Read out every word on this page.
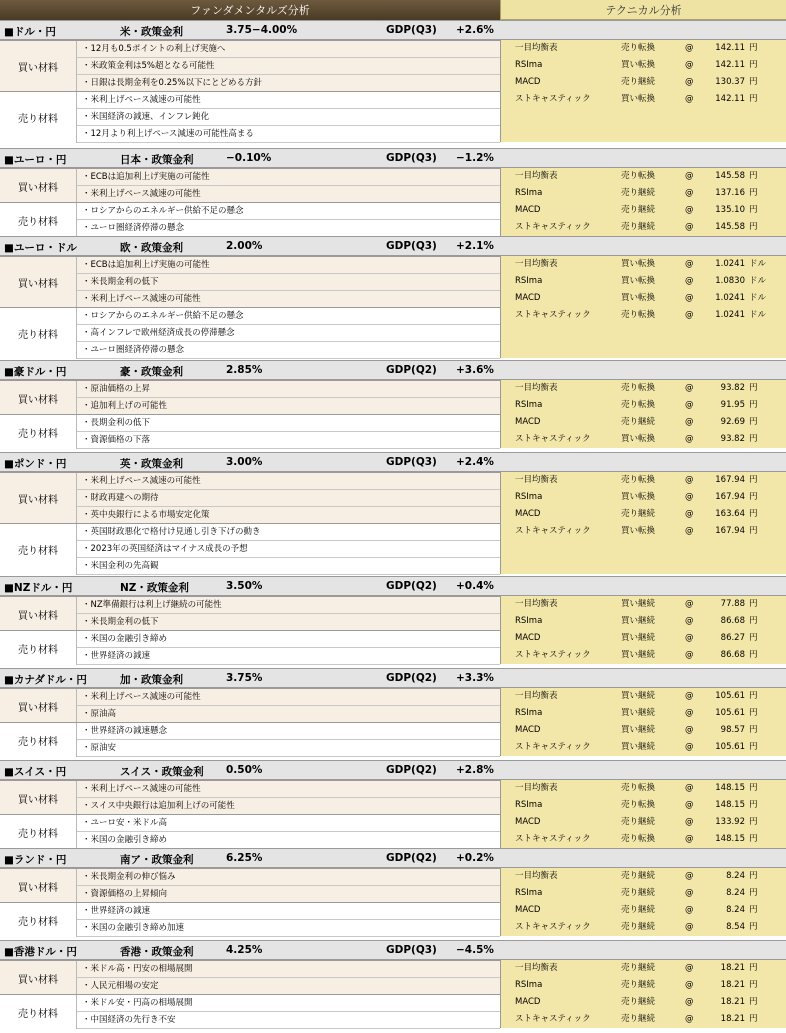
ファンダメンタルズ分析	テクニカル分析
■ドル・円	米・政策金利	3.75−4.00%	GDP(Q3) +2.6%
買い材料
・12月も0.5ポイントの利上げ実施へ
・米政策金利は5%超となる可能性
・日銀は長期金利を0.25%以下にとどめる方針
売り材料
・米利上げペース減速の可能性
・米国経済の減速、インフレ鈍化
・12月より利上げペース減速の可能性高まる
一目均衡表	売り転換	@	142.11 円
RSIma	買い転換	@	142.11 円
MACD	売り継続	@	130.37 円
ストキャスティック	買い転換	@	142.11 円
■ユーロ・円	日本・政策金利	−0.10%	GDP(Q3) −1.2%
買い材料
・ECBは追加利上げ実施の可能性
・米利上げペース減速の可能性
売り材料
・ロシアからのエネルギー供給不足の懸念
・ユーロ圏経済停滞の懸念
一目均衡表	売り転換	@	145.58 円
RSIma	売り継続	@	137.16 円
MACD	売り継続	@	135.10 円
ストキャスティック	売り継続	@	145.58 円
■ユーロ・ドル	欧・政策金利	2.00%	GDP(Q3) +2.1%
買い材料
・ECBは追加利上げ実施の可能性
・米長期金利の低下
・米利上げペース減速の可能性
売り材料
・ロシアからのエネルギー供給不足の懸念
・高インフレで欧州経済成長の停滞懸念
・ユーロ圏経済停滞の懸念
一目均衡表	買い転換	@	1.0241 ドル
RSIma	買い転換	@	1.0830 ドル
MACD	買い転換	@	1.0241 ドル
ストキャスティック	売り転換	@	1.0241 ドル
■豪ドル・円	豪・政策金利	2.85%	GDP(Q2) +3.6%
買い材料
・原油価格の上昇
・追加利上げの可能性
売り材料
・長期金利の低下
・資源価格の下落
一目均衡表	売り転換	@	93.82 円
RSIma	売り転換	@	91.95 円
MACD	売り継続	@	92.69 円
ストキャスティック	買い転換	@	93.82 円
■ポンド・円	英・政策金利	3.00%	GDP(Q3) +2.4%
買い材料
・米利上げペース減速の可能性
・財政再建への期待
・英中央銀行による市場安定化策
売り材料
・英国財政悪化で格付け見通し引き下げの動き
・2023年の英国経済はマイナス成長の予想
・米国金利の先高観
一目均衡表	売り転換	@	167.94 円
RSIma	買い転換	@	167.94 円
MACD	売り継続	@	163.64 円
ストキャスティック	買い転換	@	167.94 円
■NZドル・円	NZ・政策金利	3.50%	GDP(Q2) +0.4%
買い材料
・NZ準備銀行は利上げ継続の可能性
・米長期金利の低下
売り材料
・米国の金融引き締め
・世界経済の減速
一目均衡表	買い継続	@	77.88 円
RSIma	買い継続	@	86.68 円
MACD	買い継続	@	86.27 円
ストキャスティック	買い継続	@	86.68 円
■カナダドル・円	加・政策金利	3.75%	GDP(Q2) +3.3%
買い材料
・米利上げペース減速の可能性
・原油高
売り材料
・世界経済の減速懸念
・原油安
一目均衡表	買い継続	@	105.61 円
RSIma	買い継続	@	105.61 円
MACD	買い継続	@	98.57 円
ストキャスティック	買い継続	@	105.61 円
■スイス・円	スイス・政策金利 0.50%	GDP(Q2) +2.8%
買い材料
・米利上げペース減速の可能性
・スイス中央銀行は追加利上げの可能性
売り材料
・ユーロ安・米ドル高
・米国の金融引き締め
一目均衡表	売り転換	@	148.15 円
RSIma	売り転換	@	148.15 円
MACD	売り継続	@	133.92 円
ストキャスティック	売り転換	@	148.15 円
■ランド・円	南ア・政策金利	6.25%	GDP(Q2) +0.2%
買い材料
・米長期金利の伸び悩み
・資源価格の上昇傾向
売り材料
・世界経済の減速
・米国の金融引き締め加速
一目均衡表	売り継続	@	8.24 円
RSIma	売り継続	@	8.24 円
MACD	売り継続	@	8.24 円
ストキャスティック	売り継続	@	8.54 円
■香港ドル・円	香港・政策金利	4.25%	GDP(Q3) −4.5%
買い材料
・米ドル高・円安の相場展開
・人民元相場の安定
売り材料
・米ドル安・円高の相場展開
・中国経済の先行き不安
一目均衡表	売り継続	@	18.21 円
RSIma	売り継続	@	18.21 円
MACD	売り継続	@	18.21 円
ストキャスティック	売り継続	@	18.21 円
